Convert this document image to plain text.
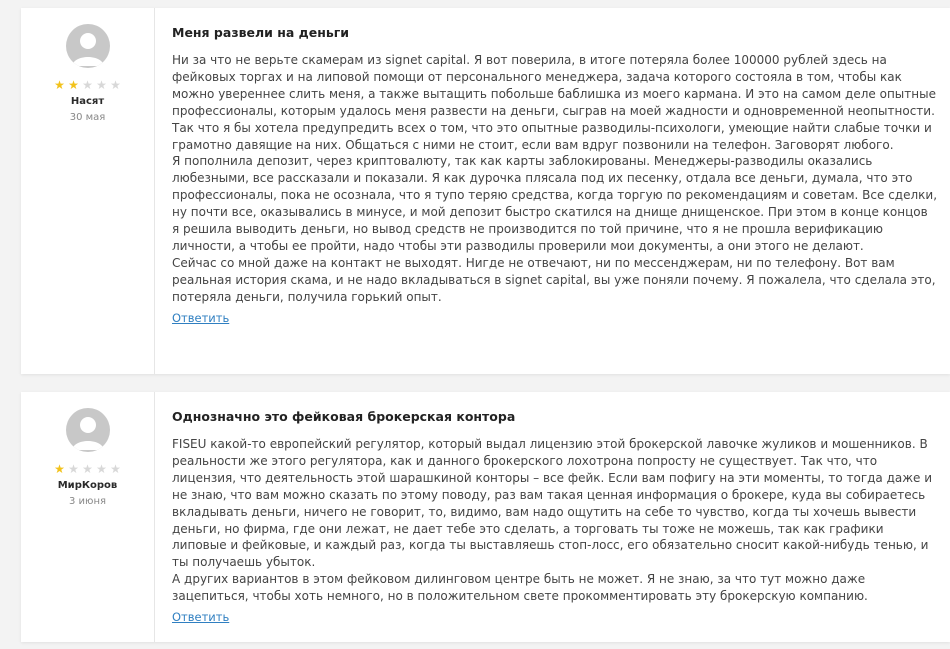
★ ★ ★ ★ ★
Насят
30 мая
Меня развели на деньги

Ни за что не верьте скамерам из signet capital. Я вот поверила, в итоге потеряла более 100000 рублей здесь на фейковых торгах и на липовой помощи от персонального менеджера, задача которого состояла в том, чтобы как можно увереннее слить меня, а также вытащить побольше баблишка из моего кармана. И это на самом деле опытные профессионалы, которым удалось меня развести на деньги, сыграв на моей жадности и одновременной неопытности. Так что я бы хотела предупредить всех о том, что это опытные разводилы-психологи, умеющие найти слабые точки и грамотно давящие на них. Общаться с ними не стоит, если вам вдруг позвонили на телефон. Заговорят любого.

Я пополнила депозит, через криптовалюту, так как карты заблокированы. Менеджеры-разводилы оказались любезными, все рассказали и показали. Я как дурочка плясала под их песенку, отдала все деньги, думала, что это профессионалы, пока не осознала, что я тупо теряю средства, когда торгую по рекомендациям и советам. Все сделки, ну почти все, оказывались в минусе, и мой депозит быстро скатился на днище днищенское. При этом в конце концов я решила выводить деньги, но вывод средств не производится по той причине, что я не прошла верификацию личности, а чтобы ее пройти, надо чтобы эти разводилы проверили мои документы, а они этого не делают.

Сейчас со мной даже на контакт не выходят. Нигде не отвечают, ни по мессенджерам, ни по телефону. Вот вам реальная история скама, и не надо вкладываться в signet capital, вы уже поняли почему. Я пожалела, что сделала это, потеряла деньги, получила горький опыт.

Ответить
★ ★ ★ ★ ★
МирКоров
3 июня
Однозначно это фейковая брокерская контора

FISEU какой-то европейский регулятор, который выдал лицензию этой брокерской лавочке жуликов и мошенников. В реальности же этого регулятора, как и данного брокерского лохотрона попросту не существует. Так что, что лицензия, что деятельность этой шарашкиной конторы – все фейк. Если вам пофигу на эти моменты, то тогда даже и не знаю, что вам можно сказать по этому поводу, раз вам такая ценная информация о брокере, куда вы собираетесь вкладывать деньги, ничего не говорит, то, видимо, вам надо ощутить на себе то чувство, когда ты хочешь вывести деньги, но фирма, где они лежат, не дает тебе это сделать, а торговать ты тоже не можешь, так как графики липовые и фейковые, и каждый раз, когда ты выставляешь стоп-лосс, его обязательно сносит какой-нибудь тенью, и ты получаешь убыток.

А других вариантов в этом фейковом дилинговом центре быть не может. Я не знаю, за что тут можно даже зацепиться, чтобы хоть немного, но в положительном свете прокомментировать эту брокерскую компанию.

Ответить
